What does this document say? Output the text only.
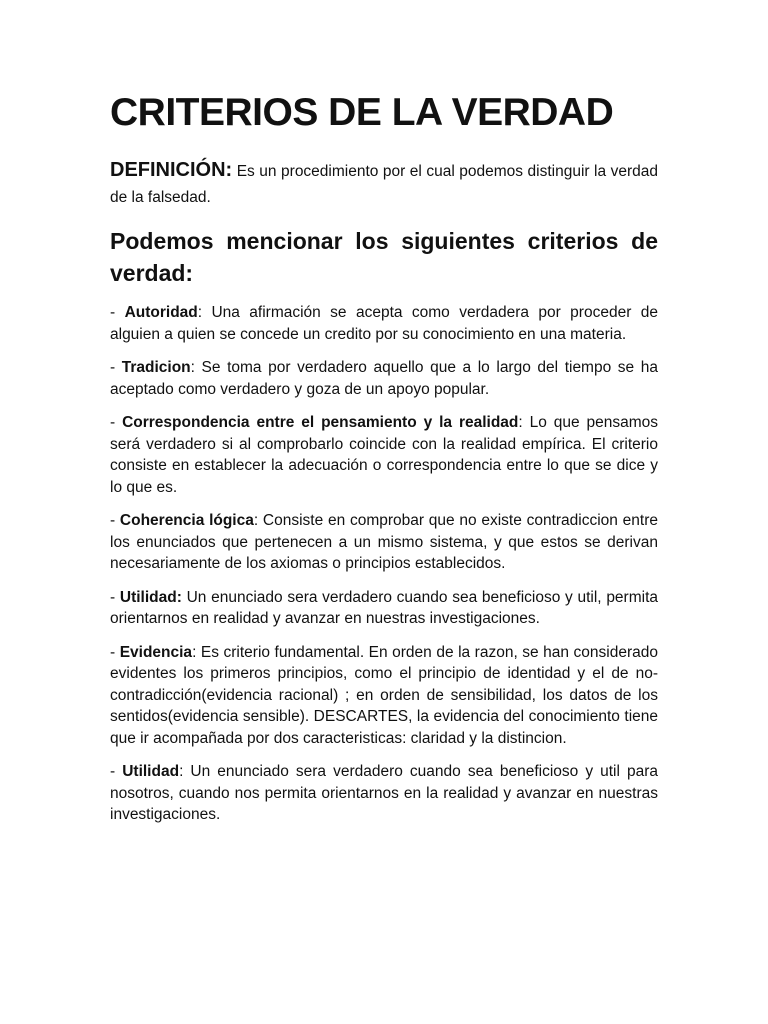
CRITERIOS DE LA VERDAD

DEFINICIÓN: Es un procedimiento por el cual podemos distinguir la verdad de la falsedad.

Podemos mencionar los siguientes criterios de verdad:
- Autoridad: Una afirmación se acepta como verdadera por proceder de alguien a quien se concede un credito por su conocimiento en una materia.
- Tradicion: Se toma por verdadero aquello que a lo largo del tiempo se ha aceptado como verdadero y goza de un apoyo popular.
- Correspondencia entre el pensamiento y la realidad: Lo que pensamos será verdadero si al comprobarlo coincide con la realidad empírica. El criterio consiste en establecer la adecuación o correspondencia entre lo que se dice y lo que es.
- Coherencia lógica: Consiste en comprobar que no existe contradiccion entre los enunciados que pertenecen a un mismo sistema, y que estos se derivan necesariamente de los axiomas o principios establecidos.
- Utilidad: Un enunciado sera verdadero cuando sea beneficioso y util, permita orientarnos en realidad y avanzar en nuestras investigaciones.
- Evidencia: Es criterio fundamental. En orden de la razon, se han considerado evidentes los primeros principios, como el principio de identidad y el de no-contradicción(evidencia racional) ; en orden de sensibilidad, los datos de los sentidos(evidencia sensible). DESCARTES, la evidencia del conocimiento tiene que ir acompañada por dos caracteristicas: claridad y la distincion.
- Utilidad: Un enunciado sera verdadero cuando sea beneficioso y util para nosotros, cuando nos permita orientarnos en la realidad y avanzar en nuestras investigaciones.
